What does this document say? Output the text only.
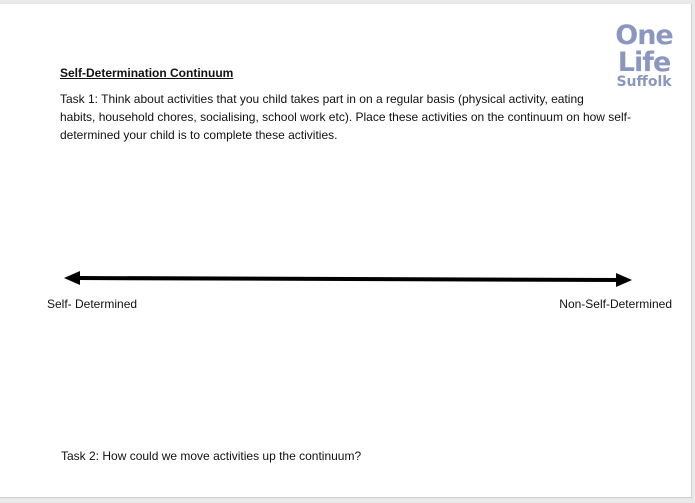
One
Life
Suffolk

Self-Determination Continuum

Task 1: Think about activities that you child takes part in on a regular basis (physical activity, eating
habits, household chores, socialising, school work etc). Place these activities on the continuum on how self-
determined your child is to complete these activities.

Self- Determined	Non-Self-Determined

Task 2: How could we move activities up the continuum?
